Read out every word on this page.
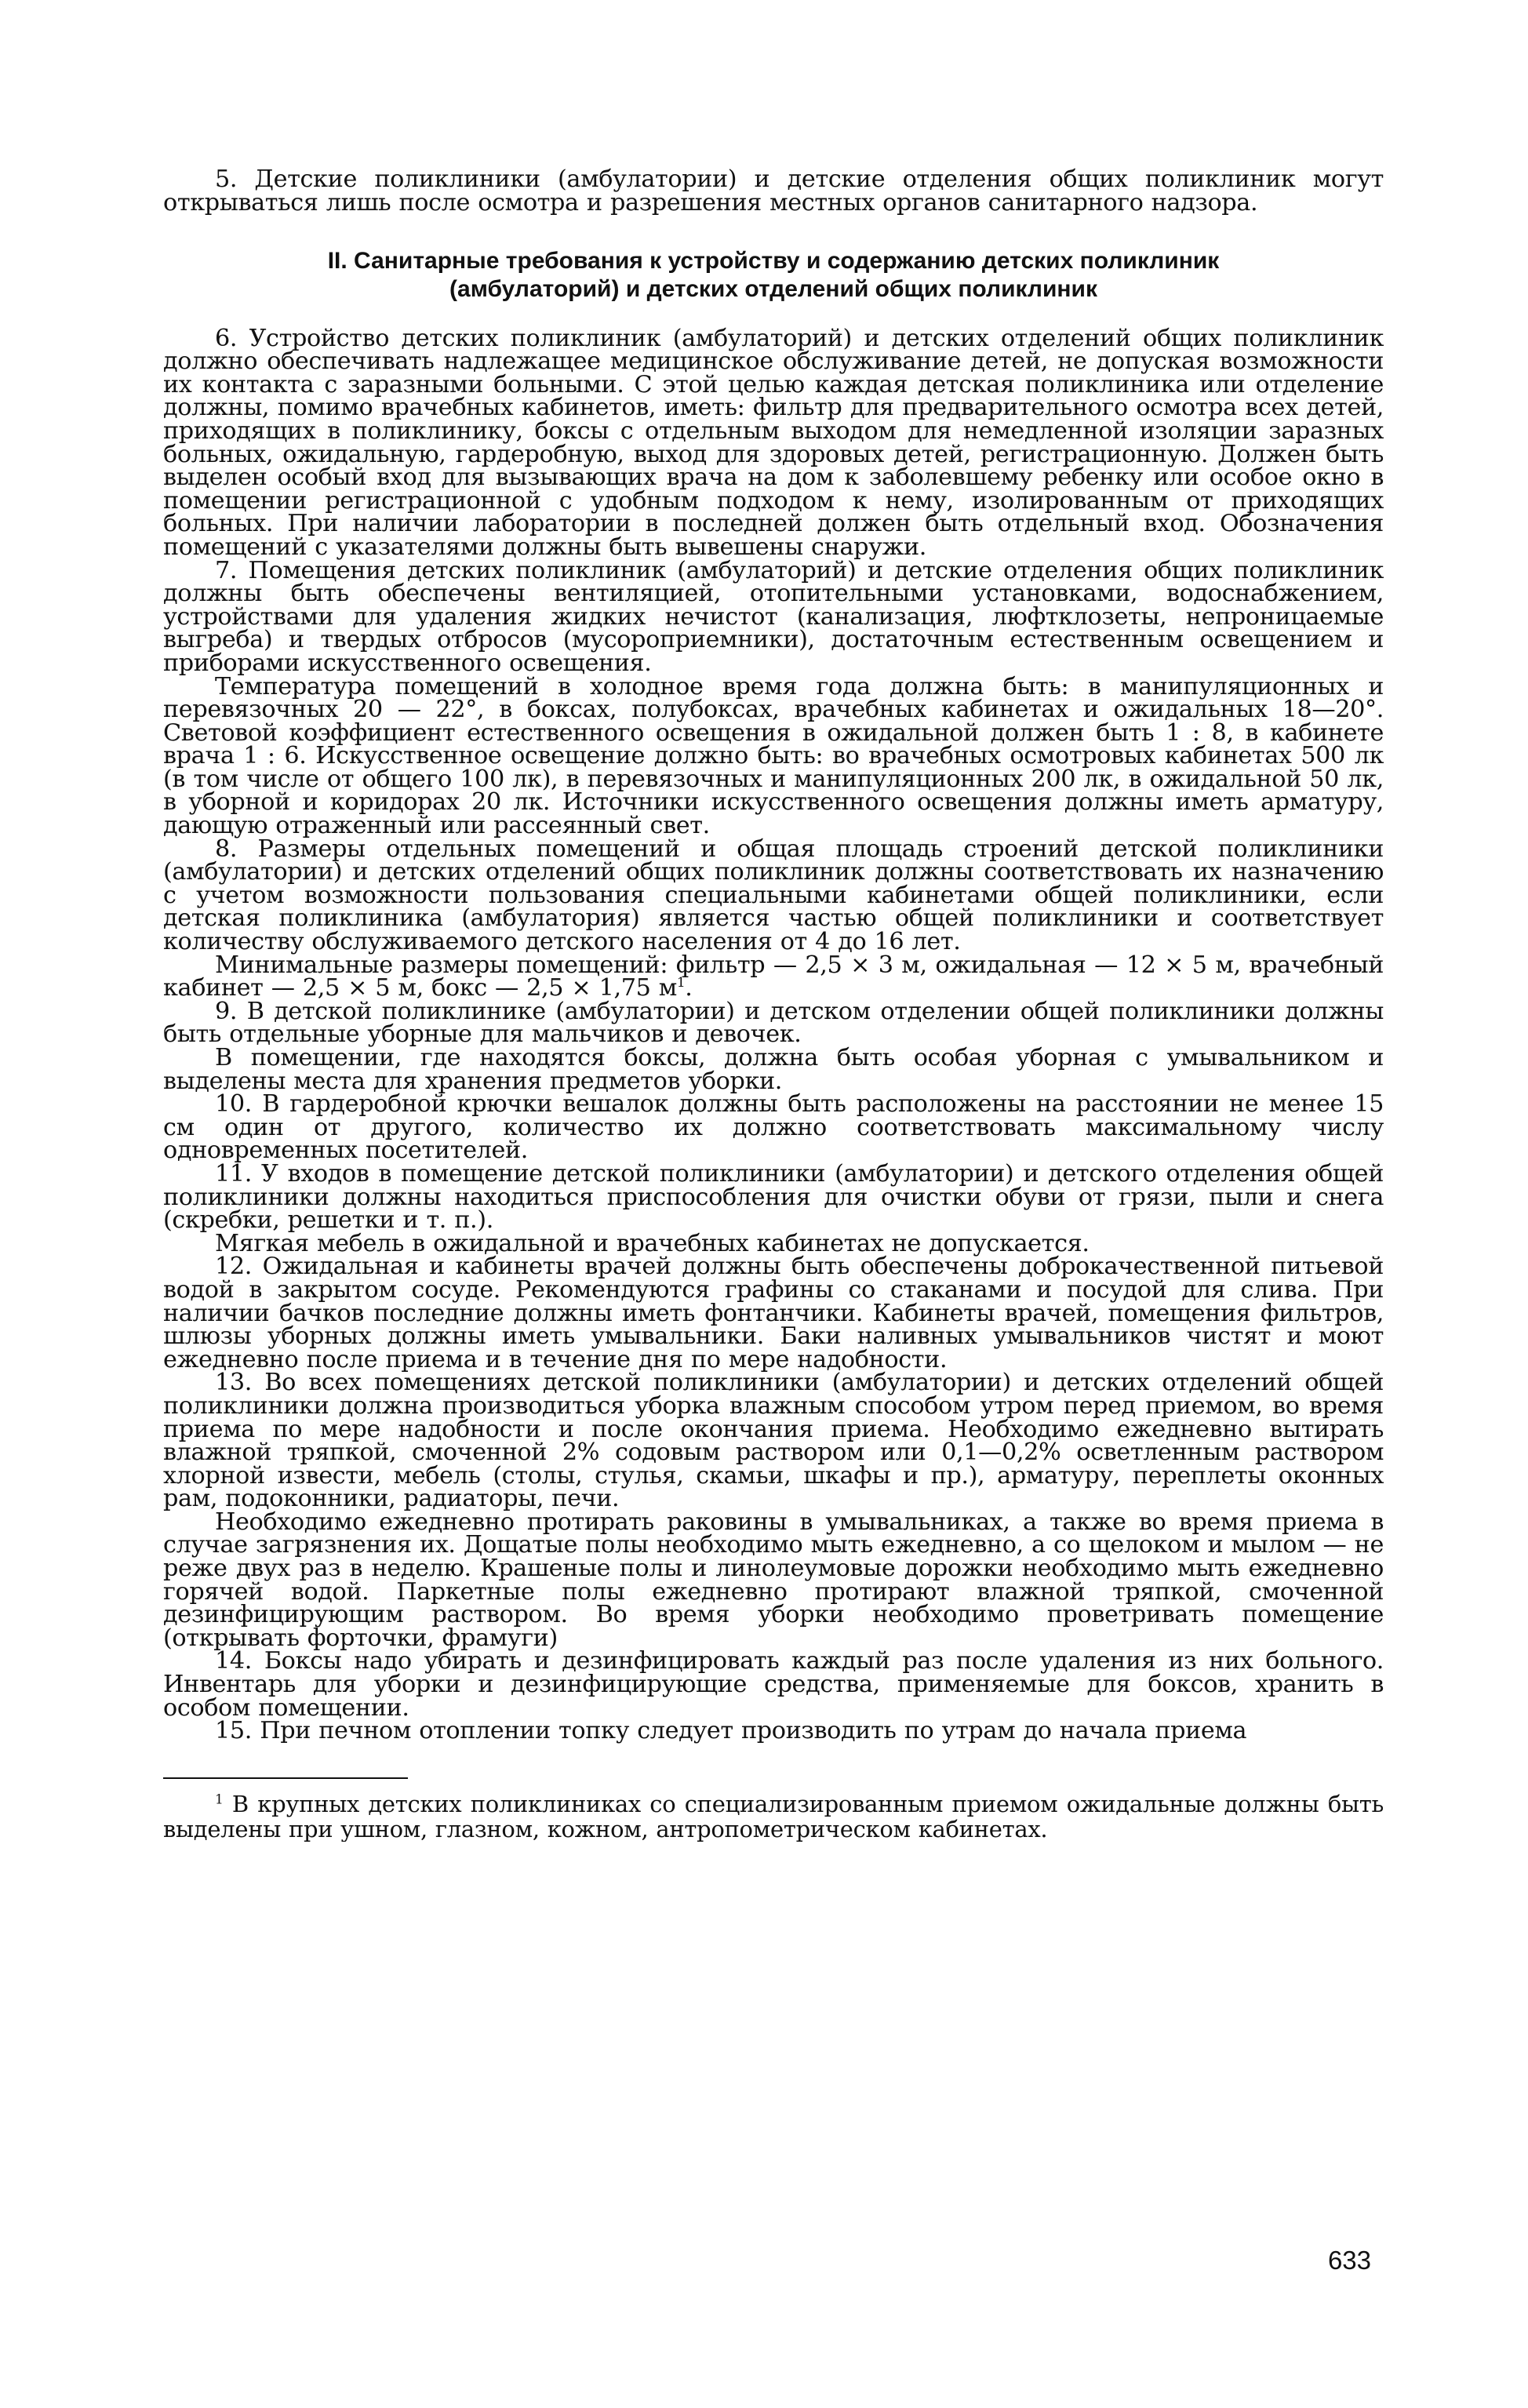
5. Детские поликлиники (амбулатории) и детские отделения общих поликлиник могут открываться лишь после осмотра и разрешения местных органов санитарного надзора.

II. Санитарные требования к устройству и содержанию детских поликлиник
(амбулаторий) и детских отделений общих поликлиник

6. Устройство детских поликлиник (амбулаторий) и детских отделений общих поликлиник должно обеспечивать надлежащее медицинское обслуживание детей, не допуская возможности их контакта с заразными больными. С этой целью каждая детская поликлиника или отделение должны, помимо врачебных кабинетов, иметь: фильтр для предварительного осмотра всех детей, приходящих в поликлинику, боксы с отдельным выходом для немедленной изоляции заразных больных, ожидальную, гардеробную, выход для здоровых детей, регистрационную. Должен быть выделен особый вход для вызывающих врача на дом к заболевшему ребенку или особое окно в помещении регистрационной с удобным подходом к нему, изолированным от приходящих больных. При наличии лаборатории в последней должен быть отдельный вход. Обозначения помещений с указателями должны быть вывешены снаружи.

7. Помещения детских поликлиник (амбулаторий) и детские отделения общих поликлиник должны быть обеспечены вентиляцией, отопительными установками, водоснабжением, устройствами для удаления жидких нечистот (канализация, люфтклозеты, непроницаемые выгреба) и твердых отбросов (мусороприемники), достаточным естественным освещением и приборами искусственного освещения.

Температура помещений в холодное время года должна быть: в манипуляционных и перевязочных 20 — 22°, в боксах, полубоксах, врачебных кабинетах и ожидальных 18—20°. Световой коэффициент естественного освещения в ожидальной должен быть 1 : 8, в кабинете врача 1 : 6. Искусственное освещение должно быть: во врачебных осмотровых кабинетах 500 лк (в том числе от общего 100 лк), в перевязочных и манипуляционных 200 лк, в ожидальной 50 лк, в уборной и коридорах 20 лк. Источники искусственного освещения должны иметь арматуру, дающую отраженный или рассеянный свет.

8. Размеры отдельных помещений и общая площадь строений детской поликлиники (амбулатории) и детских отделений общих поликлиник должны соответствовать их назначению с учетом возможности пользования специальными кабинетами общей поликлиники, если детская поликлиника (амбулатория) является частью общей поликлиники и соответствует количеству обслуживаемого детского населения от 4 до 16 лет.

Минимальные размеры помещений: фильтр — 2,5 × 3 м, ожидальная — 12 × 5 м, врачебный кабинет — 2,5 × 5 м, бокс — 2,5 × 1,75 $м^1$.

9. В детской поликлинике (амбулатории) и детском отделении общей поликлиники должны быть отдельные уборные для мальчиков и девочек.

В помещении, где находятся боксы, должна быть особая уборная с умывальником и выделены места для хранения предметов уборки.

10. В гардеробной крючки вешалок должны быть расположены на расстоянии не менее 15 см один от другого, количество их должно соответствовать максимальному числу одновременных посетителей.

11. У входов в помещение детской поликлиники (амбулатории) и детского отделения общей поликлиники должны находиться приспособления для очистки обуви от грязи, пыли и снега (скребки, решетки и т. п.).

Мягкая мебель в ожидальной и врачебных кабинетах не допускается.

12. Ожидальная и кабинеты врачей должны быть обеспечены доброкачественной питьевой водой в закрытом сосуде. Рекомендуются графины со стаканами и посудой для слива. При наличии бачков последние должны иметь фонтанчики. Кабинеты врачей, помещения фильтров, шлюзы уборных должны иметь умывальники. Баки наливных умывальников чистят и моют ежедневно после приема и в течение дня по мере надобности.

13. Во всех помещениях детской поликлиники (амбулатории) и детских отделений общей поликлиники должна производиться уборка влажным способом утром перед приемом, во время приема по мере надобности и после окончания приема. Необходимо ежедневно вытирать влажной тряпкой, смоченной 2% содовым раствором или 0,1—0,2% осветленным раствором хлорной извести, мебель (столы, стулья, скамьи, шкафы и пр.), арматуру, переплеты оконных рам, подоконники, радиаторы, печи.

Необходимо ежедневно протирать раковины в умывальниках, а также во время приема в случае загрязнения их. Дощатые полы необходимо мыть ежедневно, а со щелоком и мылом — не реже двух раз в неделю. Крашеные полы и линолеумовые дорожки необходимо мыть ежедневно горячей водой. Паркетные полы ежедневно протирают влажной тряпкой, смоченной дезинфицирующим раствором. Во время уборки необходимо проветривать помещение (открывать форточки, фрамуги)

14. Боксы надо убирать и дезинфицировать каждый раз после удаления из них больного. Инвентарь для уборки и дезинфицирующие средства, применяемые для боксов, хранить в особом помещении.

15. При печном отоплении топку следует производить по утрам до начала приема

$^1$ В крупных детских поликлиниках со специализированным приемом ожидальные должны быть выделены при ушном, глазном, кожном, антропометрическом кабинетах.

633
